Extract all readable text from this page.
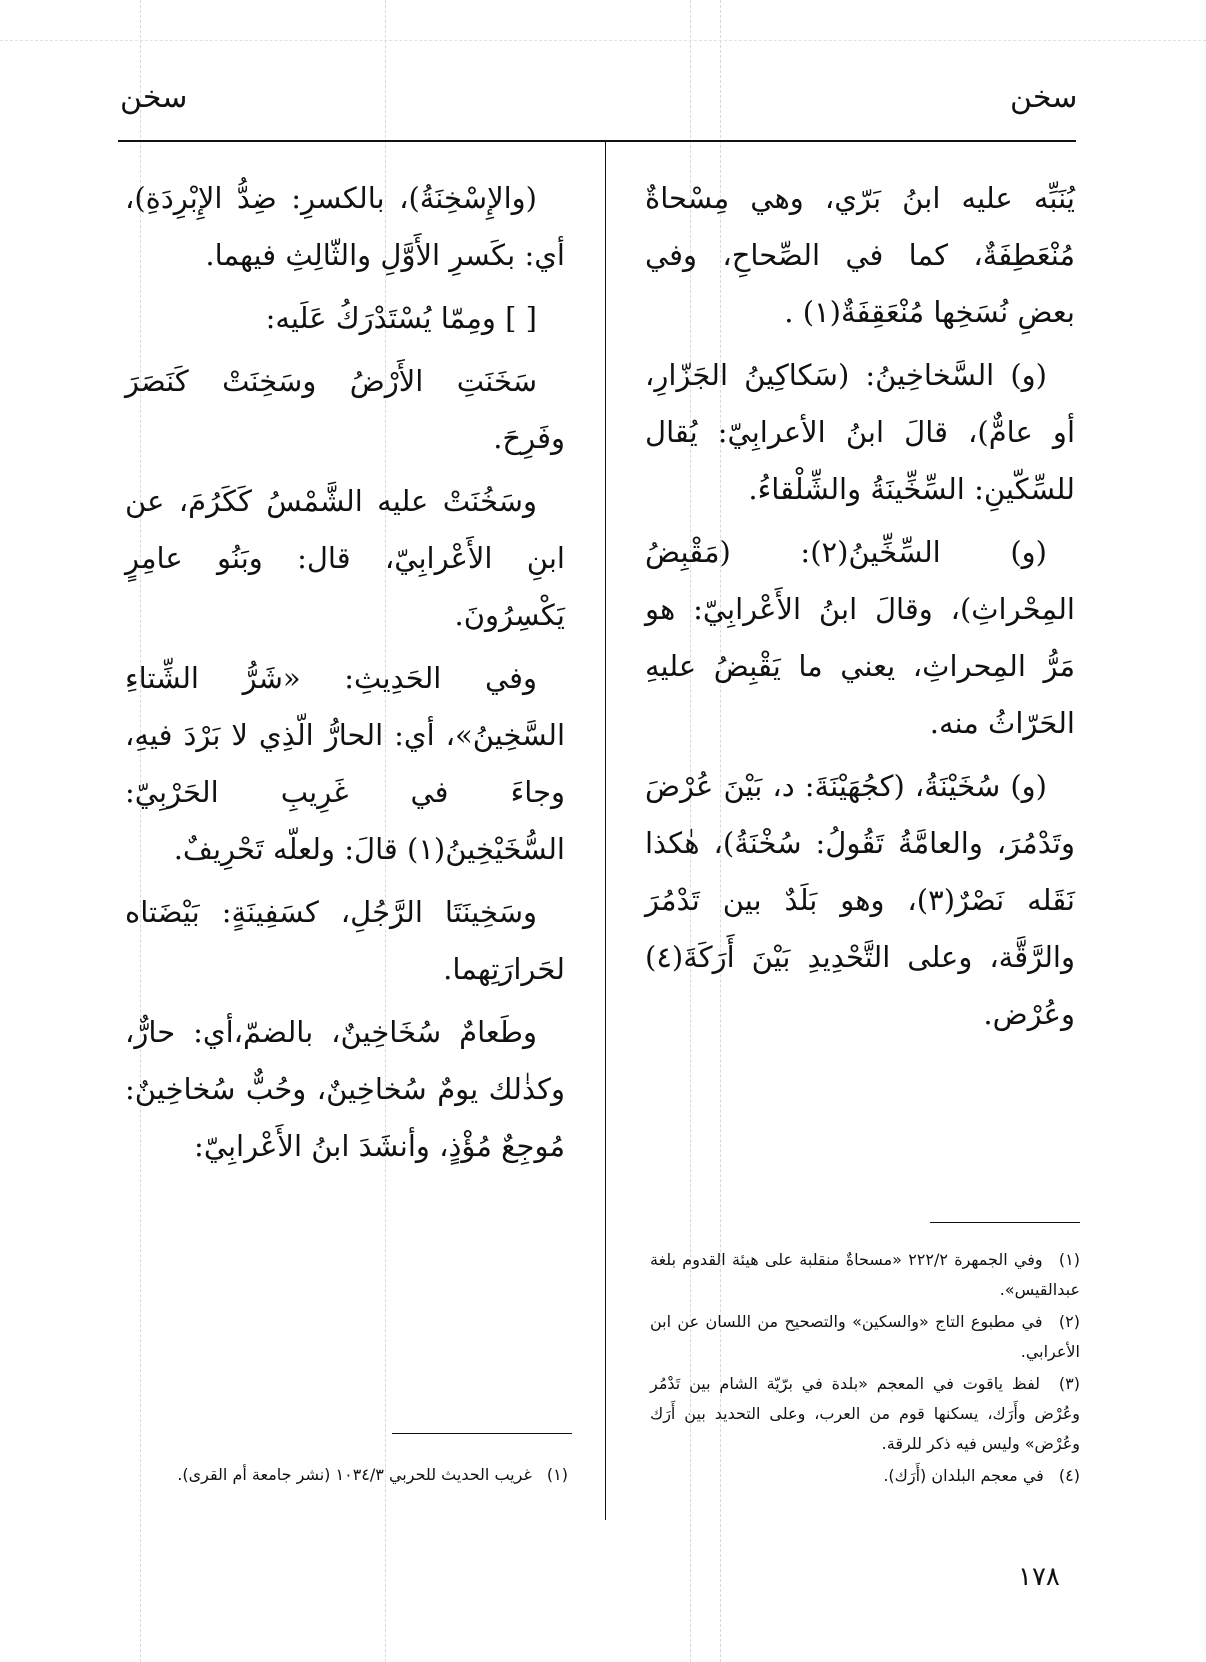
سخن
سخن

يُنَبِّه عليه ابنُ بَرّي، وهي مِسْحاةٌ مُنْعَطِفَةٌ، كما في الصِّحاحِ، وفي بعضِ نُسَخِها مُنْعَقِفَةٌ(١) .

(و) السَّخاخِينُ: (سَكاكِينُ الجَزّارِ، أو عامٌّ)، قالَ ابنُ الأعرابِيّ: يُقال للسِّكّينِ: السِّخِّينَةُ والشِّلْقاءُ.

(و) السِّخِّينُ(٢): (مَقْبِضُ المِحْراثِ)، وقالَ ابنُ الأَعْرابِيّ: هو مَرُّ المِحراثِ، يعني ما يَقْبِضُ عليهِ الحَرّاثُ منه.

(و) سُخَيْنَةُ، (كجُهَيْنَةَ: د، بَيْنَ عُرْضَ وتَدْمُرَ، والعامَّةُ تَقُولُ: سُخْنَةُ)، هٰكذا نَقَله نَصْرٌ(٣)، وهو بَلَدٌ بين تَدْمُرَ والرَّقَّة، وعلى التَّحْدِيدِ بَيْنَ أَرَكَةَ(٤) وعُرْض.

(والإِسْخِنَةُ)، بالكسرِ: ضِدُّ الإِبْرِدَةِ)، أي: بكَسرِ الأَوَّلِ والثّالِثِ فيهما.

[ ] ومِمّا يُسْتَدْرَكُ عَلَيه:

سَخَنَتِ الأَرْضُ وسَخِنَتْ كَنَصَرَ وفَرِحَ.

وسَخُنَتْ عليه الشَّمْسُ كَكَرُمَ، عن ابنِ الأَعْرابِيّ، قال: وبَنُو عامِرٍ يَكْسِرُونَ.

وفي الحَدِيثِ: «شَرُّ الشِّتاءِ السَّخِينُ»، أي: الحارُّ الّذِي لا بَرْدَ فيهِ، وجاءَ في غَرِيبِ الحَرْبِيّ: السُّخَيْخِينُ(١) قالَ: ولعلّه تَحْرِيفٌ.

وسَخِينَتَا الرَّجُلِ، كسَفِينَةٍ: بَيْضَتاه لحَرارَتِهما.

وطَعامٌ سُخَاخِينٌ، بالضمّ،أي: حارٌّ، وكذٰلك يومٌ سُخاخِينٌ، وحُبٌّ سُخاخِينٌ: مُوجِعٌ مُؤْذٍ، وأنشَدَ ابنُ الأَعْرابِيّ:

(١) وفي الجمهرة ٢٢٢/٢ «مسحاةٌ منقلبة على هيئة القدوم بلغة عبدالقيس».

(٢) في مطبوع التاج «والسكين» والتصحيح من اللسان عن ابن الأعرابي.

(٣) لفظ ياقوت في المعجم «بلدة في برّيّة الشام بين تَدْمُر وعُرْض وأَرَك، يسكنها قوم من العرب، وعلى التحديد بين أَرَك وعُرْض» وليس فيه ذكر للرقة.

(٤) في معجم البلدان (أَرَك).

(١) غريب الحديث للحربي ١٠٣٤/٣ (نشر جامعة أم القرى).

١٧٨
